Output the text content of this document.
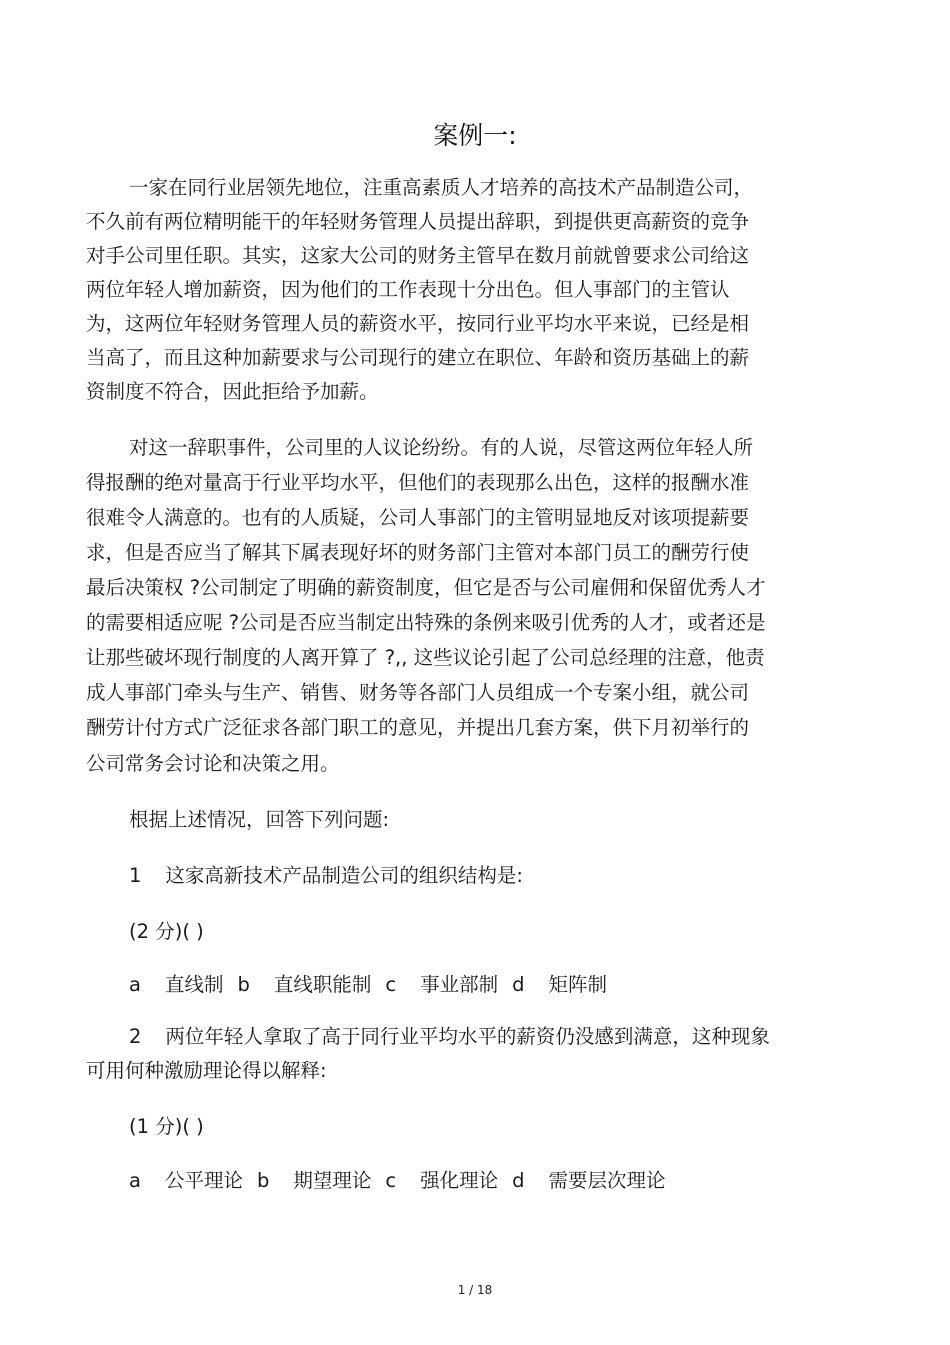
案例一:
一家在同行业居领先地位，注重高素质人才培养的高技术产品制造公司，
不久前有两位精明能干的年轻财务管理人员提出辞职，到提供更高薪资的竞争
对手公司里任职。其实，这家大公司的财务主管早在数月前就曾要求公司给这
两位年轻人增加薪资，因为他们的工作表现十分出色。但人事部门的主管认
为，这两位年轻财务管理人员的薪资水平，按同行业平均水平来说，已经是相
当高了，而且这种加薪要求与公司现行的建立在职位、年龄和资历基础上的薪
资制度不符合，因此拒给予加薪。
对这一辞职事件，公司里的人议论纷纷。有的人说，尽管这两位年轻人所
得报酬的绝对量高于行业平均水平，但他们的表现那么出色，这样的报酬水准
很难令人满意的。也有的人质疑，公司人事部门的主管明显地反对该项提薪要
求，但是否应当了解其下属表现好坏的财务部门主管对本部门员工的酬劳行使
最后决策权 ?公司制定了明确的薪资制度，但它是否与公司雇佣和保留优秀人才
的需要相适应呢 ?公司是否应当制定出特殊的条例来吸引优秀的人才，或者还是
让那些破坏现行制度的人离开算了 ?,, 这些议论引起了公司总经理的注意，他责
成人事部门牵头与生产、销售、财务等各部门人员组成一个专案小组，就公司
酬劳计付方式广泛征求各部门职工的意见，并提出几套方案，供下月初举行的
公司常务会讨论和决策之用。
根据上述情况，回答下列问题:
1 这家高新技术产品制造公司的组织结构是:
(2 分)( )
a 直线制 b 直线职能制 c 事业部制 d 矩阵制
2 两位年轻人拿取了高于同行业平均水平的薪资仍没感到满意，这种现象
可用何种激励理论得以解释:
(1 分)( )
a 公平理论 b 期望理论 c 强化理论 d 需要层次理论
1 / 18
